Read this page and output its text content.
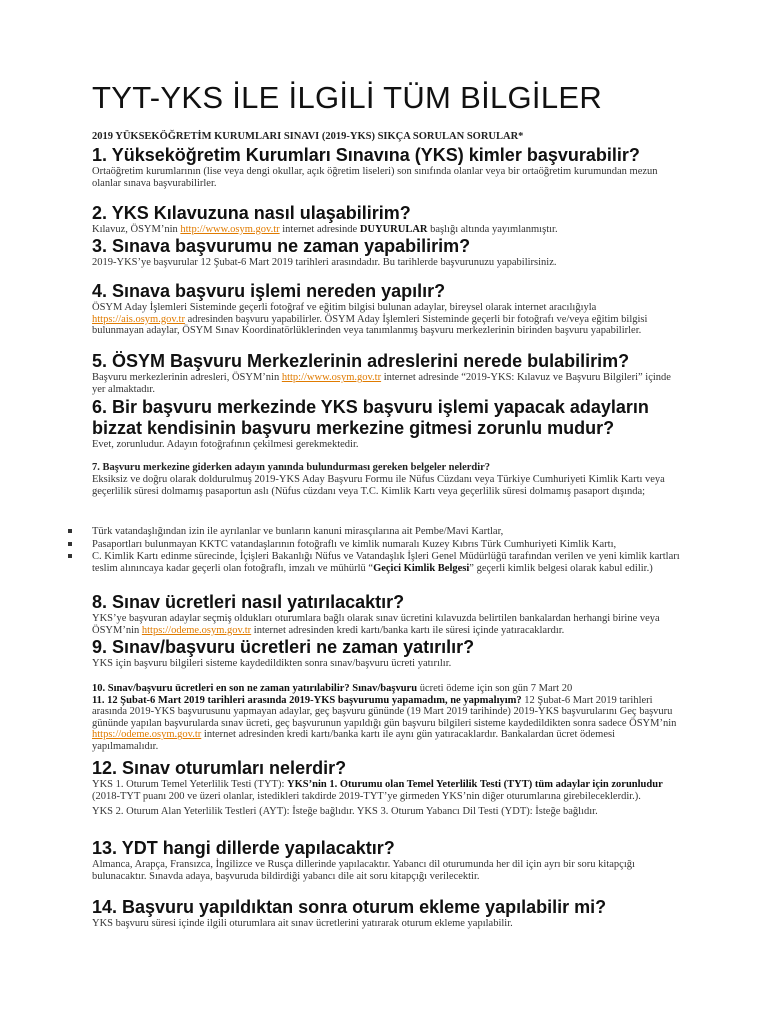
TYT-YKS İLE İLGİLİ TÜM BİLGİLER

2019 YÜKSEKÖĞRETİM KURUMLARI SINAVI (2019-YKS) SIKÇA SORULAN SORULAR*

1. Yükseköğretim Kurumları Sınavına (YKS) kimler başvurabilir?

Ortaöğretim kurumlarının (lise veya dengi okullar, açık öğretim liseleri) son sınıfında olanlar veya bir ortaöğretim kurumundan mezun olanlar sınava başvurabilirler.

2. YKS Kılavuzuna nasıl ulaşabilirim?

Kılavuz, ÖSYM’nin http://www.osym.gov.tr internet adresinde DUYURULAR başlığı altında yayımlanmıştır.

3. Sınava başvurumu ne zaman yapabilirim?

2019-YKS’ye başvurular 12 Şubat-6 Mart 2019 tarihleri arasındadır. Bu tarihlerde başvurunuzu yapabilirsiniz.

4. Sınava başvuru işlemi nereden yapılır?

ÖSYM Aday İşlemleri Sisteminde geçerli fotoğraf ve eğitim bilgisi bulunan adaylar, bireysel olarak internet aracılığıyla https://ais.osym.gov.tr adresinden başvuru yapabilirler. ÖSYM Aday İşlemleri Sisteminde geçerli bir fotoğrafı ve/veya eğitim bilgisi bulunmayan adaylar, ÖSYM Sınav Koordinatörlüklerinden veya tanımlanmış başvuru merkezlerinin birinden başvuru yapabilirler.

5. ÖSYM Başvuru Merkezlerinin adreslerini nerede bulabilirim?

Başvuru merkezlerinin adresleri, ÖSYM’nin http://www.osym.gov.tr internet adresinde “2019-YKS: Kılavuz ve Başvuru Bilgileri” içinde yer almaktadır.

6. Bir başvuru merkezinde YKS başvuru işlemi yapacak adayların bizzat kendisinin başvuru merkezine gitmesi zorunlu mudur?

Evet, zorunludur. Adayın fotoğrafının çekilmesi gerekmektedir.

7. Başvuru merkezine giderken adayın yanında bulundurması gereken belgeler nelerdir?

Eksiksiz ve doğru olarak doldurulmuş 2019-YKS Aday Başvuru Formu ile Nüfus Cüzdanı veya Türkiye Cumhuriyeti Kimlik Kartı veya geçerlilik süresi dolmamış pasaportun aslı (Nüfus cüzdanı veya T.C. Kimlik Kartı veya geçerlilik süresi dolmamış pasaport dışında;

Türk vatandaşlığından izin ile ayrılanlar ve bunların kanuni mirasçılarına ait Pembe/Mavi Kartlar,
Pasaportları bulunmayan KKTC vatandaşlarının fotoğraflı ve kimlik numaralı Kuzey Kıbrıs Türk Cumhuriyeti Kimlik Kartı,
C. Kimlik Kartı edinme sürecinde, İçişleri Bakanlığı Nüfus ve Vatandaşlık İşleri Genel Müdürlüğü tarafından verilen ve yeni kimlik kartları teslim alınıncaya kadar geçerli olan fotoğraflı, imzalı ve mühürlü “Geçici Kimlik Belgesi” geçerli kimlik belgesi olarak kabul edilir.)
8. Sınav ücretleri nasıl yatırılacaktır?

YKS’ye başvuran adaylar seçmiş oldukları oturumlara bağlı olarak sınav ücretini kılavuzda belirtilen bankalardan herhangi birine veya ÖSYM’nin https://odeme.osym.gov.tr internet adresinden kredi kartı/banka kartı ile süresi içinde yatıracaklardır.

9. Sınav/başvuru ücretleri ne zaman yatırılır?

YKS için başvuru bilgileri sisteme kaydedildikten sonra sınav/başvuru ücreti yatırılır.

10. Sınav/başvuru ücretleri en son ne zaman yatırılabilir? Sınav/başvuru ücreti ödeme için son gün 7 Mart 20

11. 12 Şubat-6 Mart 2019 tarihleri arasında 2019-YKS başvurumu yapamadım, ne yapmalıyım? 12 Şubat-6 Mart 2019 tarihleri arasında 2019-YKS başvurusunu yapmayan adaylar, geç başvuru gününde (19 Mart 2019 tarihinde) 2019-YKS başvurularını Geç başvuru gününde yapılan başvurularda sınav ücreti, geç başvurunun yapıldığı gün başvuru bilgileri sisteme kaydedildikten sonra sadece ÖSYM’nin https://odeme.osym.gov.tr internet adresinden kredi kartı/banka kartı ile aynı gün yatıracaklardır. Bankalardan ücret ödemesi yapılmamalıdır.

12. Sınav oturumları nelerdir?

YKS 1. Oturum Temel Yeterlilik Testi (TYT): YKS’nin 1. Oturumu olan Temel Yeterlilik Testi (TYT) tüm adaylar için zorunludur (2018-TYT puanı 200 ve üzeri olanlar, istedikleri takdirde 2019-TYT’ye girmeden YKS’nin diğer oturumlarına girebileceklerdir.).

YKS 2. Oturum Alan Yeterlilik Testleri (AYT): İsteğe bağlıdır. YKS 3. Oturum Yabancı Dil Testi (YDT): İsteğe bağlıdır.

13. YDT hangi dillerde yapılacaktır?

Almanca, Arapça, Fransızca, İngilizce ve Rusça dillerinde yapılacaktır. Yabancı dil oturumunda her dil için ayrı bir soru kitapçığı bulunacaktır. Sınavda adaya, başvuruda bildirdiği yabancı dile ait soru kitapçığı verilecektir.

14. Başvuru yapıldıktan sonra oturum ekleme yapılabilir mi?

YKS başvuru süresi içinde ilgili oturumlara ait sınav ücretlerini yatırarak oturum ekleme yapılabilir.
